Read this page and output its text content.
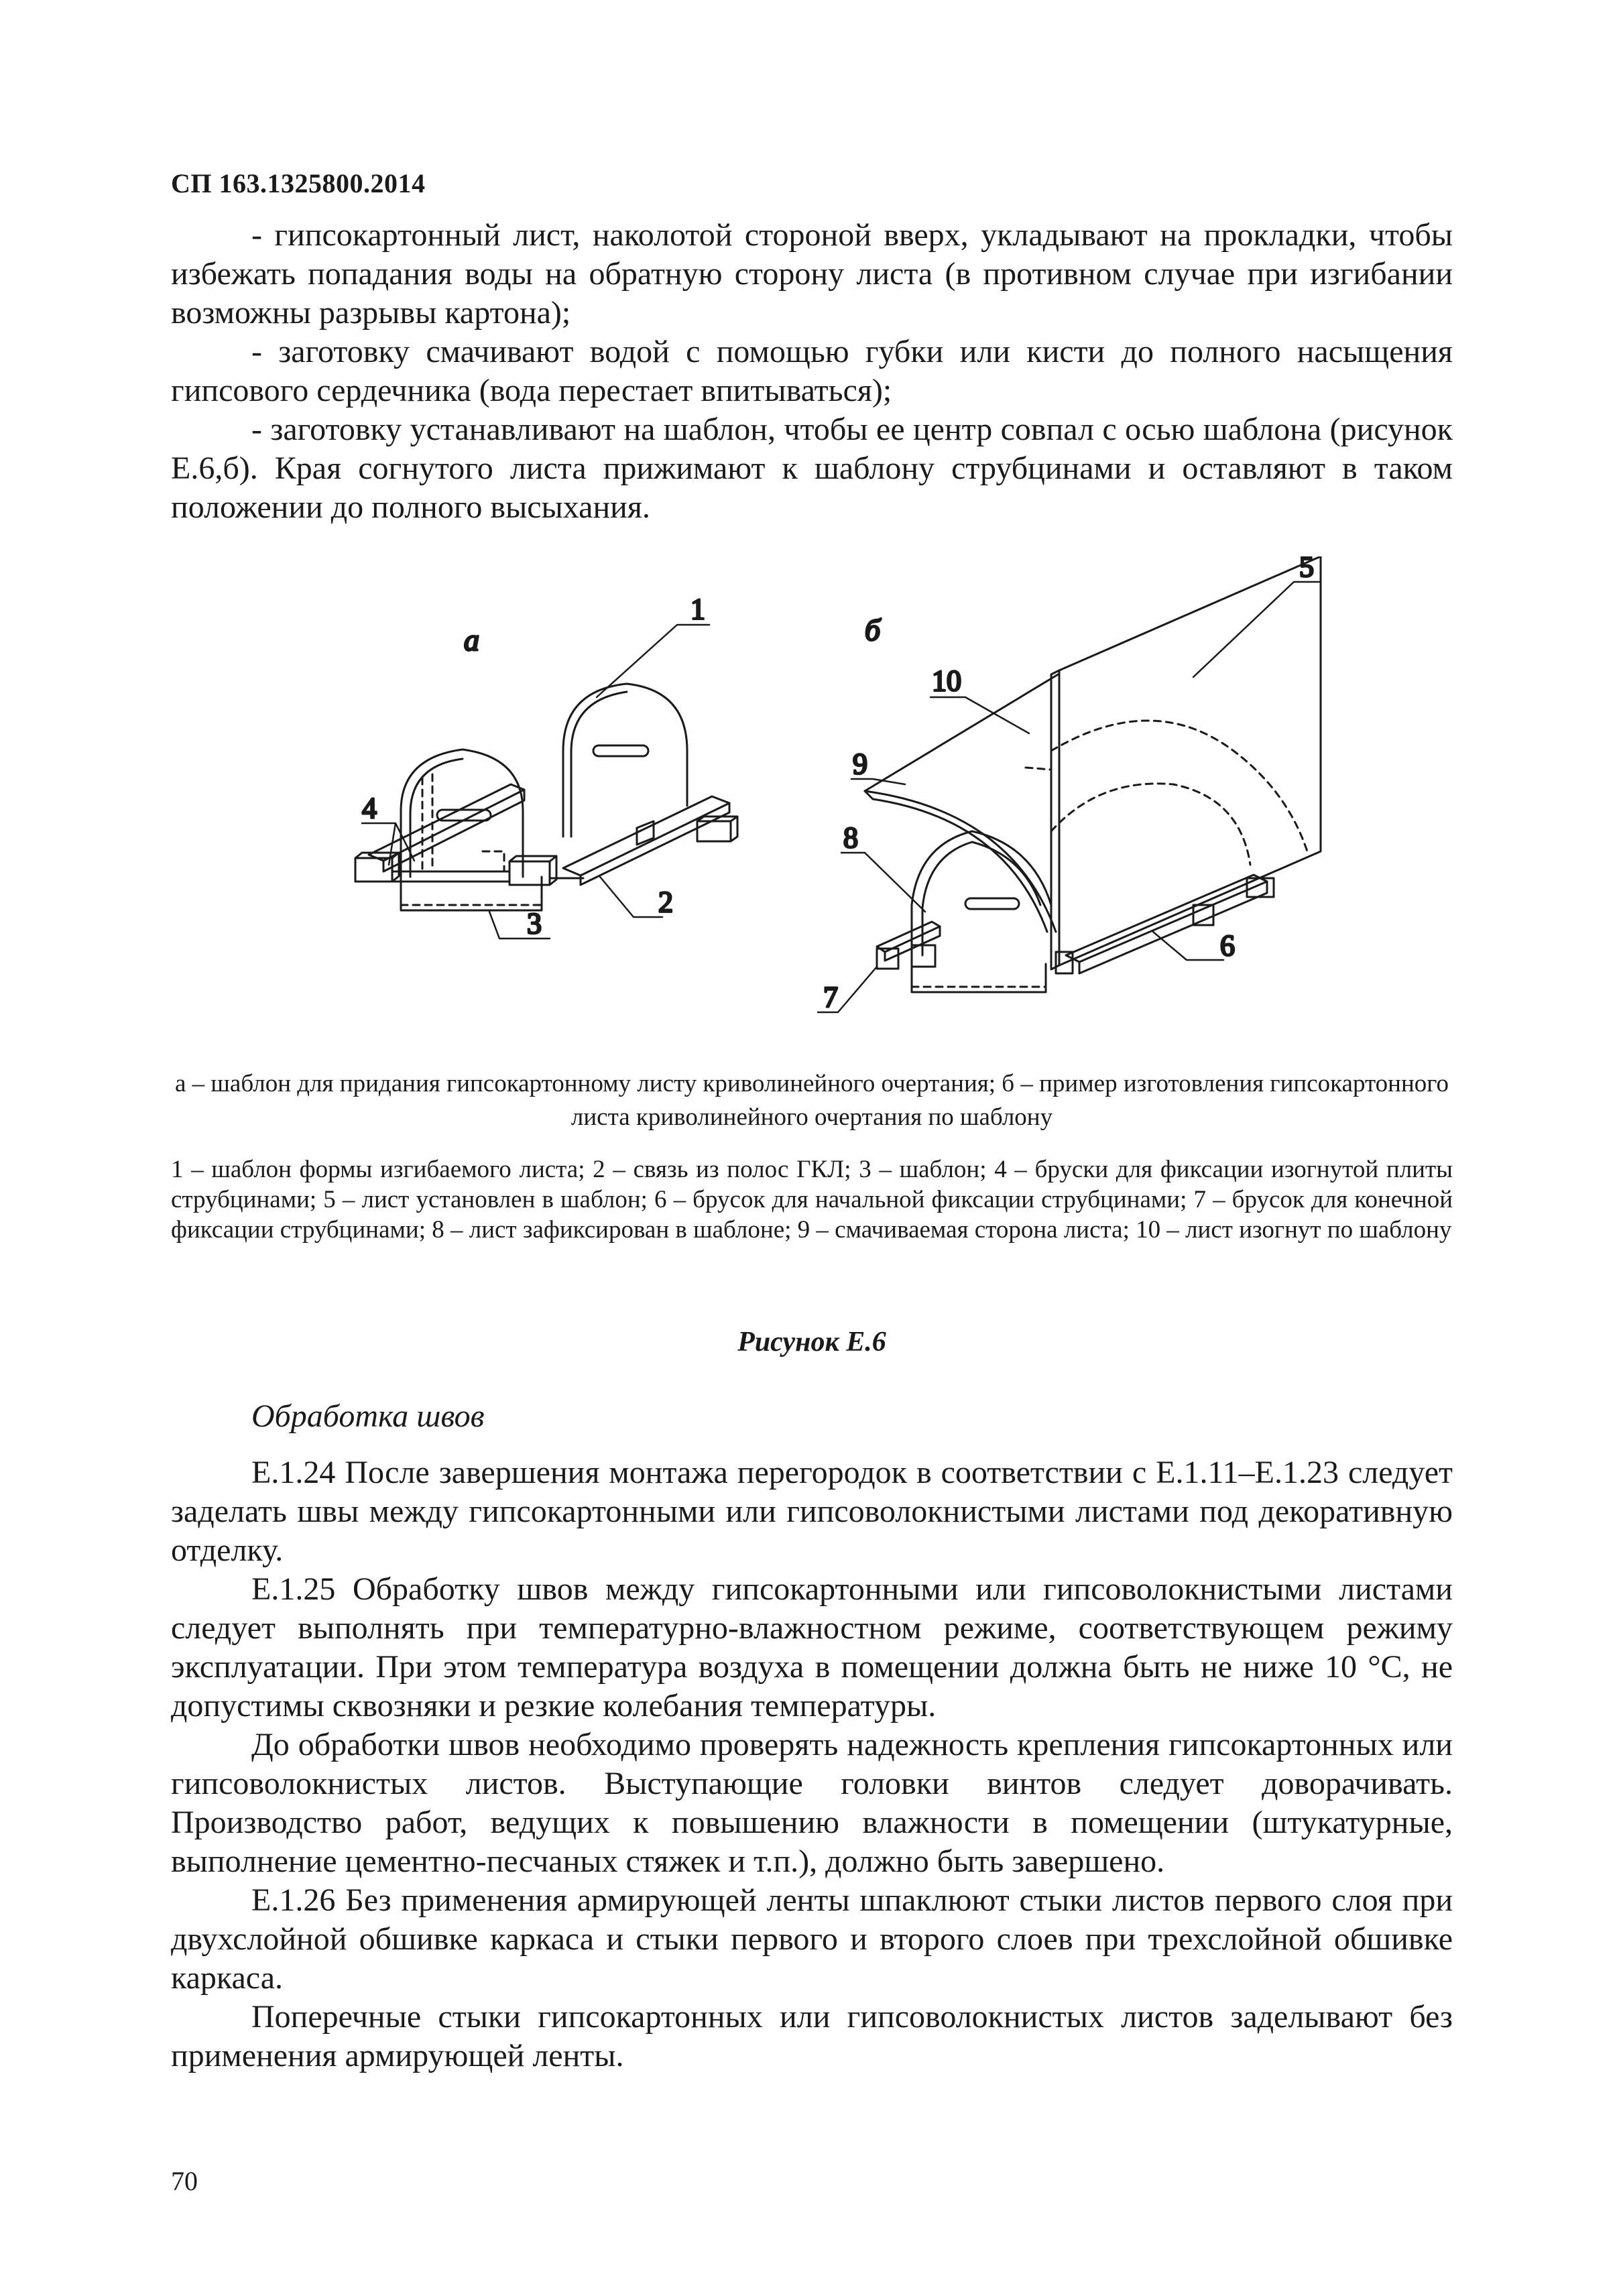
СП 163.1325800.2014

- гипсокартонный лист, наколотой стороной вверх, укладывают на прокладки, чтобы избежать попадания воды на обратную сторону листа (в противном случае при изгибании возможны разрывы картона);

- заготовку смачивают водой с помощью губки или кисти до полного насыщения гипсового сердечника (вода перестает впитываться);

- заготовку устанавливают на шаблон, чтобы ее центр совпал с осью шаблона (рисунок Е.6,б). Края согнутого листа прижимают к шаблону струбцинами и оставляют в таком положении до полного высыхания.

а	б
1
2
3
4
5
6
7
8
9
10
а – шаблон для придания гипсокартонному листу криволинейного очертания; б – пример изготовления гипсокартонного листа криволинейного очертания по шаблону
1 – шаблон формы изгибаемого листа; 2 – связь из полос ГКЛ; 3 – шаблон; 4 – бруски для фиксации изогнутой плиты струбцинами; 5 – лист установлен в шаблон; 6 – брусок для начальной фиксации струбцинами; 7 – брусок для конечной фиксации струбцинами; 8 – лист зафиксирован в шаблоне; 9 – смачиваемая сторона листа; 10 – лист изогнут по шаблону
Рисунок Е.6
Обработка швов

Е.1.24 После завершения монтажа перегородок в соответствии с Е.1.11–Е.1.23 следует заделать швы между гипсокартонными или гипсоволокнистыми листами под декоративную отделку.

Е.1.25 Обработку швов между гипсокартонными или гипсоволокнистыми листами следует выполнять при температурно-влажностном режиме, соответствующем режиму эксплуатации. При этом температура воздуха в помещении должна быть не ниже 10 °С, не допустимы сквозняки и резкие колебания температуры.

До обработки швов необходимо проверять надежность крепления гипсокартонных или гипсоволокнистых листов. Выступающие головки винтов следует доворачивать. Производство работ, ведущих к повышению влажности в помещении (штукатурные, выполнение цементно-песчаных стяжек и т.п.), должно быть завершено.

Е.1.26 Без применения армирующей ленты шпаклюют стыки листов первого слоя при двухслойной обшивке каркаса и стыки первого и второго слоев при трехслойной обшивке каркаса.

Поперечные стыки гипсокартонных или гипсоволокнистых листов заделывают без применения армирующей ленты.

70
